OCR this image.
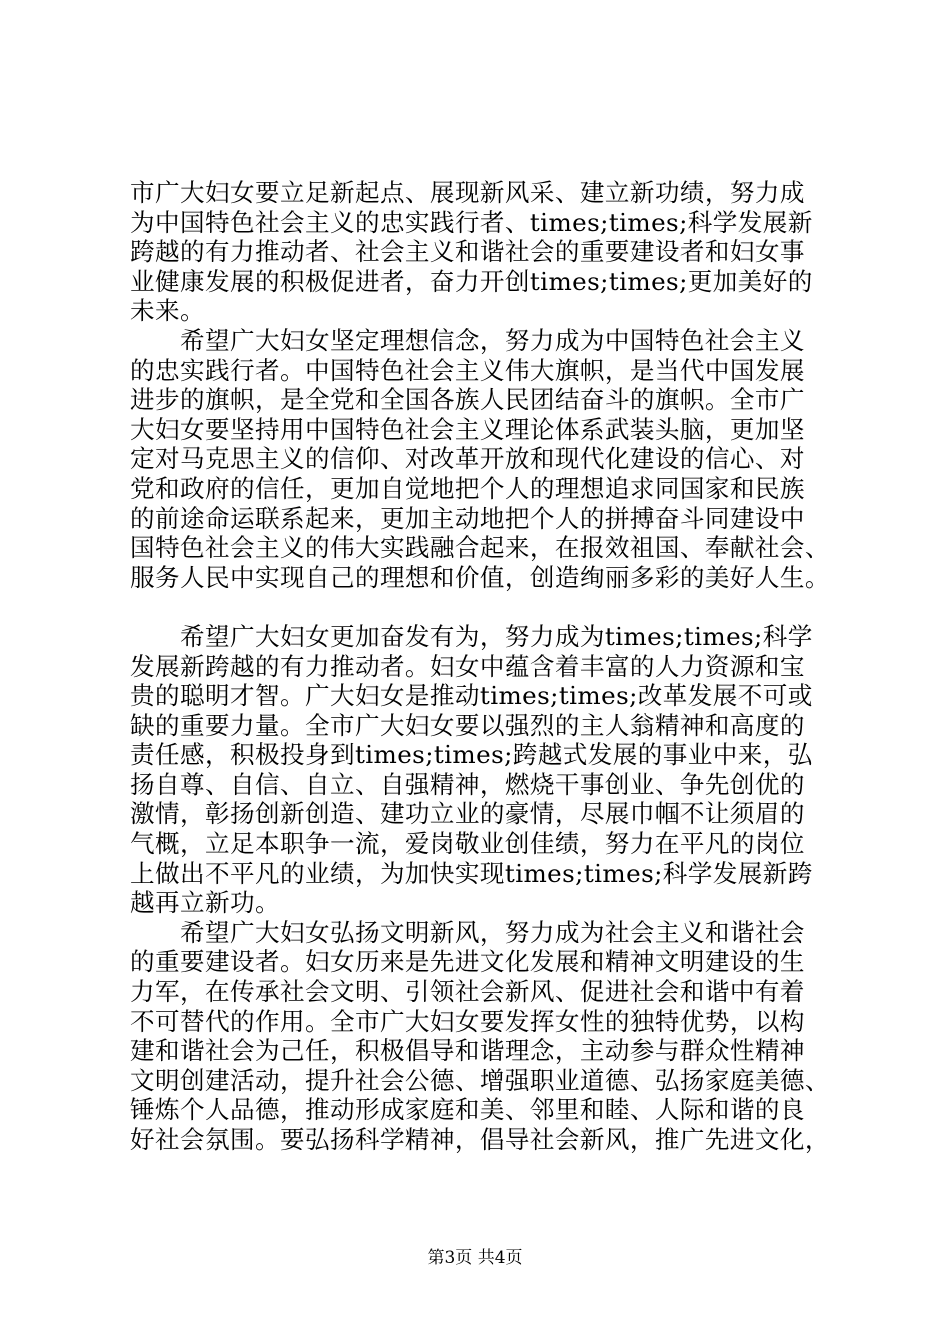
市广大妇女要立足新起点、展现新风采、建立新功绩，努力成
为中国特色社会主义的忠实践行者、times;times;科学发展新
跨越的有力推动者、社会主义和谐社会的重要建设者和妇女事
业健康发展的积极促进者，奋力开创times;times;更加美好的
未来。
　　希望广大妇女坚定理想信念，努力成为中国特色社会主义
的忠实践行者。中国特色社会主义伟大旗帜，是当代中国发展
进步的旗帜，是全党和全国各族人民团结奋斗的旗帜。全市广
大妇女要坚持用中国特色社会主义理论体系武装头脑，更加坚
定对马克思主义的信仰、对改革开放和现代化建设的信心、对
党和政府的信任，更加自觉地把个人的理想追求同国家和民族
的前途命运联系起来，更加主动地把个人的拼搏奋斗同建设中
国特色社会主义的伟大实践融合起来，在报效祖国、奉献社会、
服务人民中实现自己的理想和价值，创造绚丽多彩的美好人生。
　　希望广大妇女更加奋发有为，努力成为times;times;科学
发展新跨越的有力推动者。妇女中蕴含着丰富的人力资源和宝
贵的聪明才智。广大妇女是推动times;times;改革发展不可或
缺的重要力量。全市广大妇女要以强烈的主人翁精神和高度的
责任感，积极投身到times;times;跨越式发展的事业中来，弘
扬自尊、自信、自立、自强精神，燃烧干事创业、争先创优的
激情，彰扬创新创造、建功立业的豪情，尽展巾帼不让须眉的
气概，立足本职争一流，爱岗敬业创佳绩，努力在平凡的岗位
上做出不平凡的业绩，为加快实现times;times;科学发展新跨
越再立新功。
　　希望广大妇女弘扬文明新风，努力成为社会主义和谐社会
的重要建设者。妇女历来是先进文化发展和精神文明建设的生
力军，在传承社会文明、引领社会新风、促进社会和谐中有着
不可替代的作用。全市广大妇女要发挥女性的独特优势，以构
建和谐社会为己任，积极倡导和谐理念，主动参与群众性精神
文明创建活动，提升社会公德、增强职业道德、弘扬家庭美德、
锤炼个人品德，推动形成家庭和美、邻里和睦、人际和谐的良
好社会氛围。要弘扬科学精神，倡导社会新风，推广先进文化，
第3页 共4页
